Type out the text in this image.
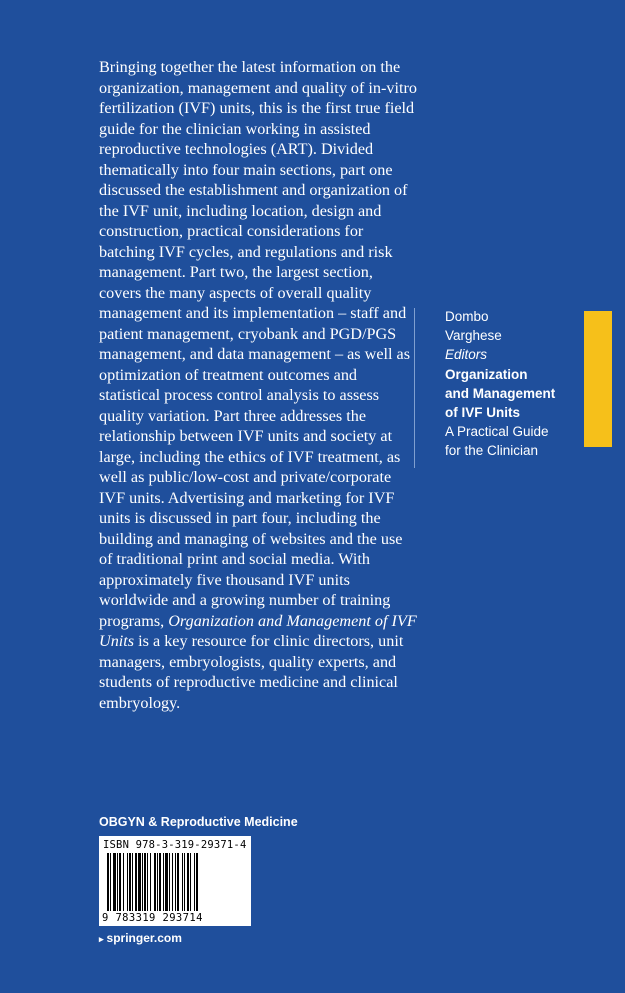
Bringing together the latest information on the organization, management and quality of in-vitro fertilization (IVF) units, this is the first true field guide for the clinician working in assisted reproductive technologies (ART). Divided thematically into four main sections, part one discussed the establishment and organization of the IVF unit, including location, design and construction, practical considerations for batching IVF cycles, and regulations and risk management. Part two, the largest section, covers the many aspects of overall quality management and its implementation – staff and patient management, cryobank and PGD/PGS management, and data management – as well as optimization of treatment outcomes and statistical process control analysis to assess quality variation. Part three addresses the relationship between IVF units and society at large, including the ethics of IVF treatment, as well as public/low-cost and private/corporate IVF units. Advertising and marketing for IVF units is discussed in part four, including the building and managing of websites and the use of traditional print and social media. With approximately five thousand IVF units worldwide and a growing number of training programs, Organization and Management of IVF Units is a key resource for clinic directors, unit managers, embryologists, quality experts, and students of reproductive medicine and clinical embryology.

Dombo
Varghese
Editors
Organization
and Management
of IVF Units
A Practical Guide
for the Clinician
OBGYN & Reproductive Medicine
ISBN 978-3-319-29371-4
9 783319 293714
▸ springer.com
